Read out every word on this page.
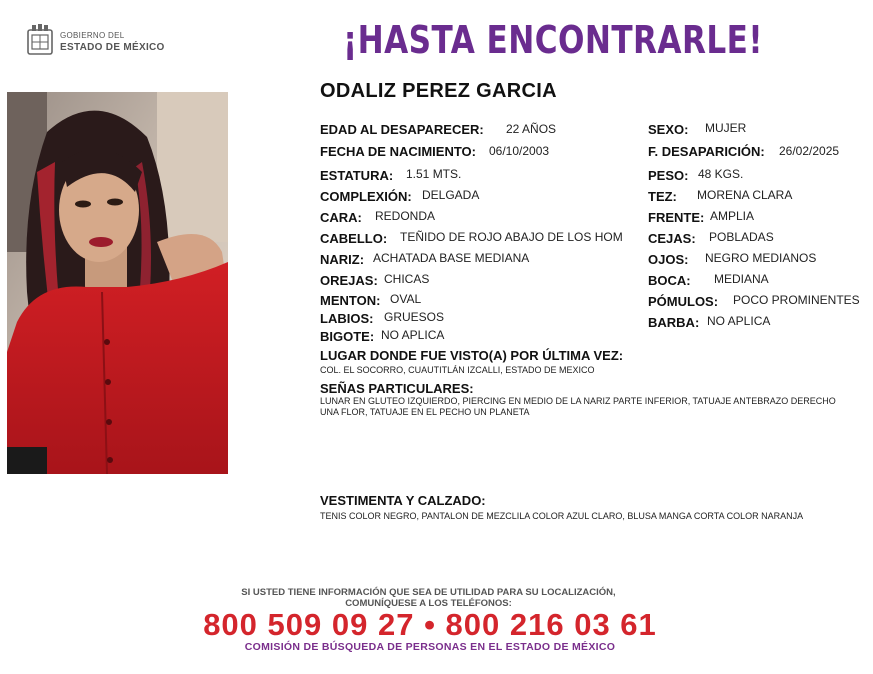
GOBIERNO DEL
ESTADO DE MÉXICO	¡HASTA ENCONTRARLE!
ODALIZ PEREZ GARCIA
EDAD AL DESAPARECER: 22 AÑOS
FECHA DE NACIMIENTO: 06/10/2003
ESTATURA: 1.51 MTS.
COMPLEXIÓN: DELGADA
CARA: REDONDA
CABELLO: TEÑIDO DE ROJO ABAJO DE LOS HOM
NARIZ: ACHATADA BASE MEDIANA
OREJAS: CHICAS
MENTON: OVAL
LABIOS: GRUESOS
BIGOTE: NO APLICA
SEXO: MUJER
F. DESAPARICIÓN: 26/02/2025
PESO: 48 KGS.
TEZ: MORENA CLARA
FRENTE: AMPLIA
CEJAS: POBLADAS
OJOS: NEGRO MEDIANOS
BOCA: MEDIANA
PÓMULOS: POCO PROMINENTES
BARBA: NO APLICA
LUGAR DONDE FUE VISTO(A) POR ÚLTIMA VEZ:
COL. EL SOCORRO, CUAUTITLÁN IZCALLI, ESTADO DE MEXICO
SEÑAS PARTICULARES:
LUNAR EN GLUTEO IZQUIERDO, PIERCING EN MEDIO DE LA NARIZ PARTE INFERIOR, TATUAJE ANTEBRAZO DERECHO
UNA FLOR, TATUAJE EN EL PECHO UN PLANETA
VESTIMENTA Y CALZADO:
TENIS COLOR NEGRO, PANTALON DE MEZCLILA COLOR AZUL CLARO, BLUSA MANGA CORTA COLOR NARANJA
SI USTED TIENE INFORMACIÓN QUE SEA DE UTILIDAD PARA SU LOCALIZACIÓN,
COMUNÍQUESE A LOS TELÉFONOS:
800 509 09 27 • 800 216 03 61
COMISIÓN DE BÚSQUEDA DE PERSONAS EN EL ESTADO DE MÉXICO
